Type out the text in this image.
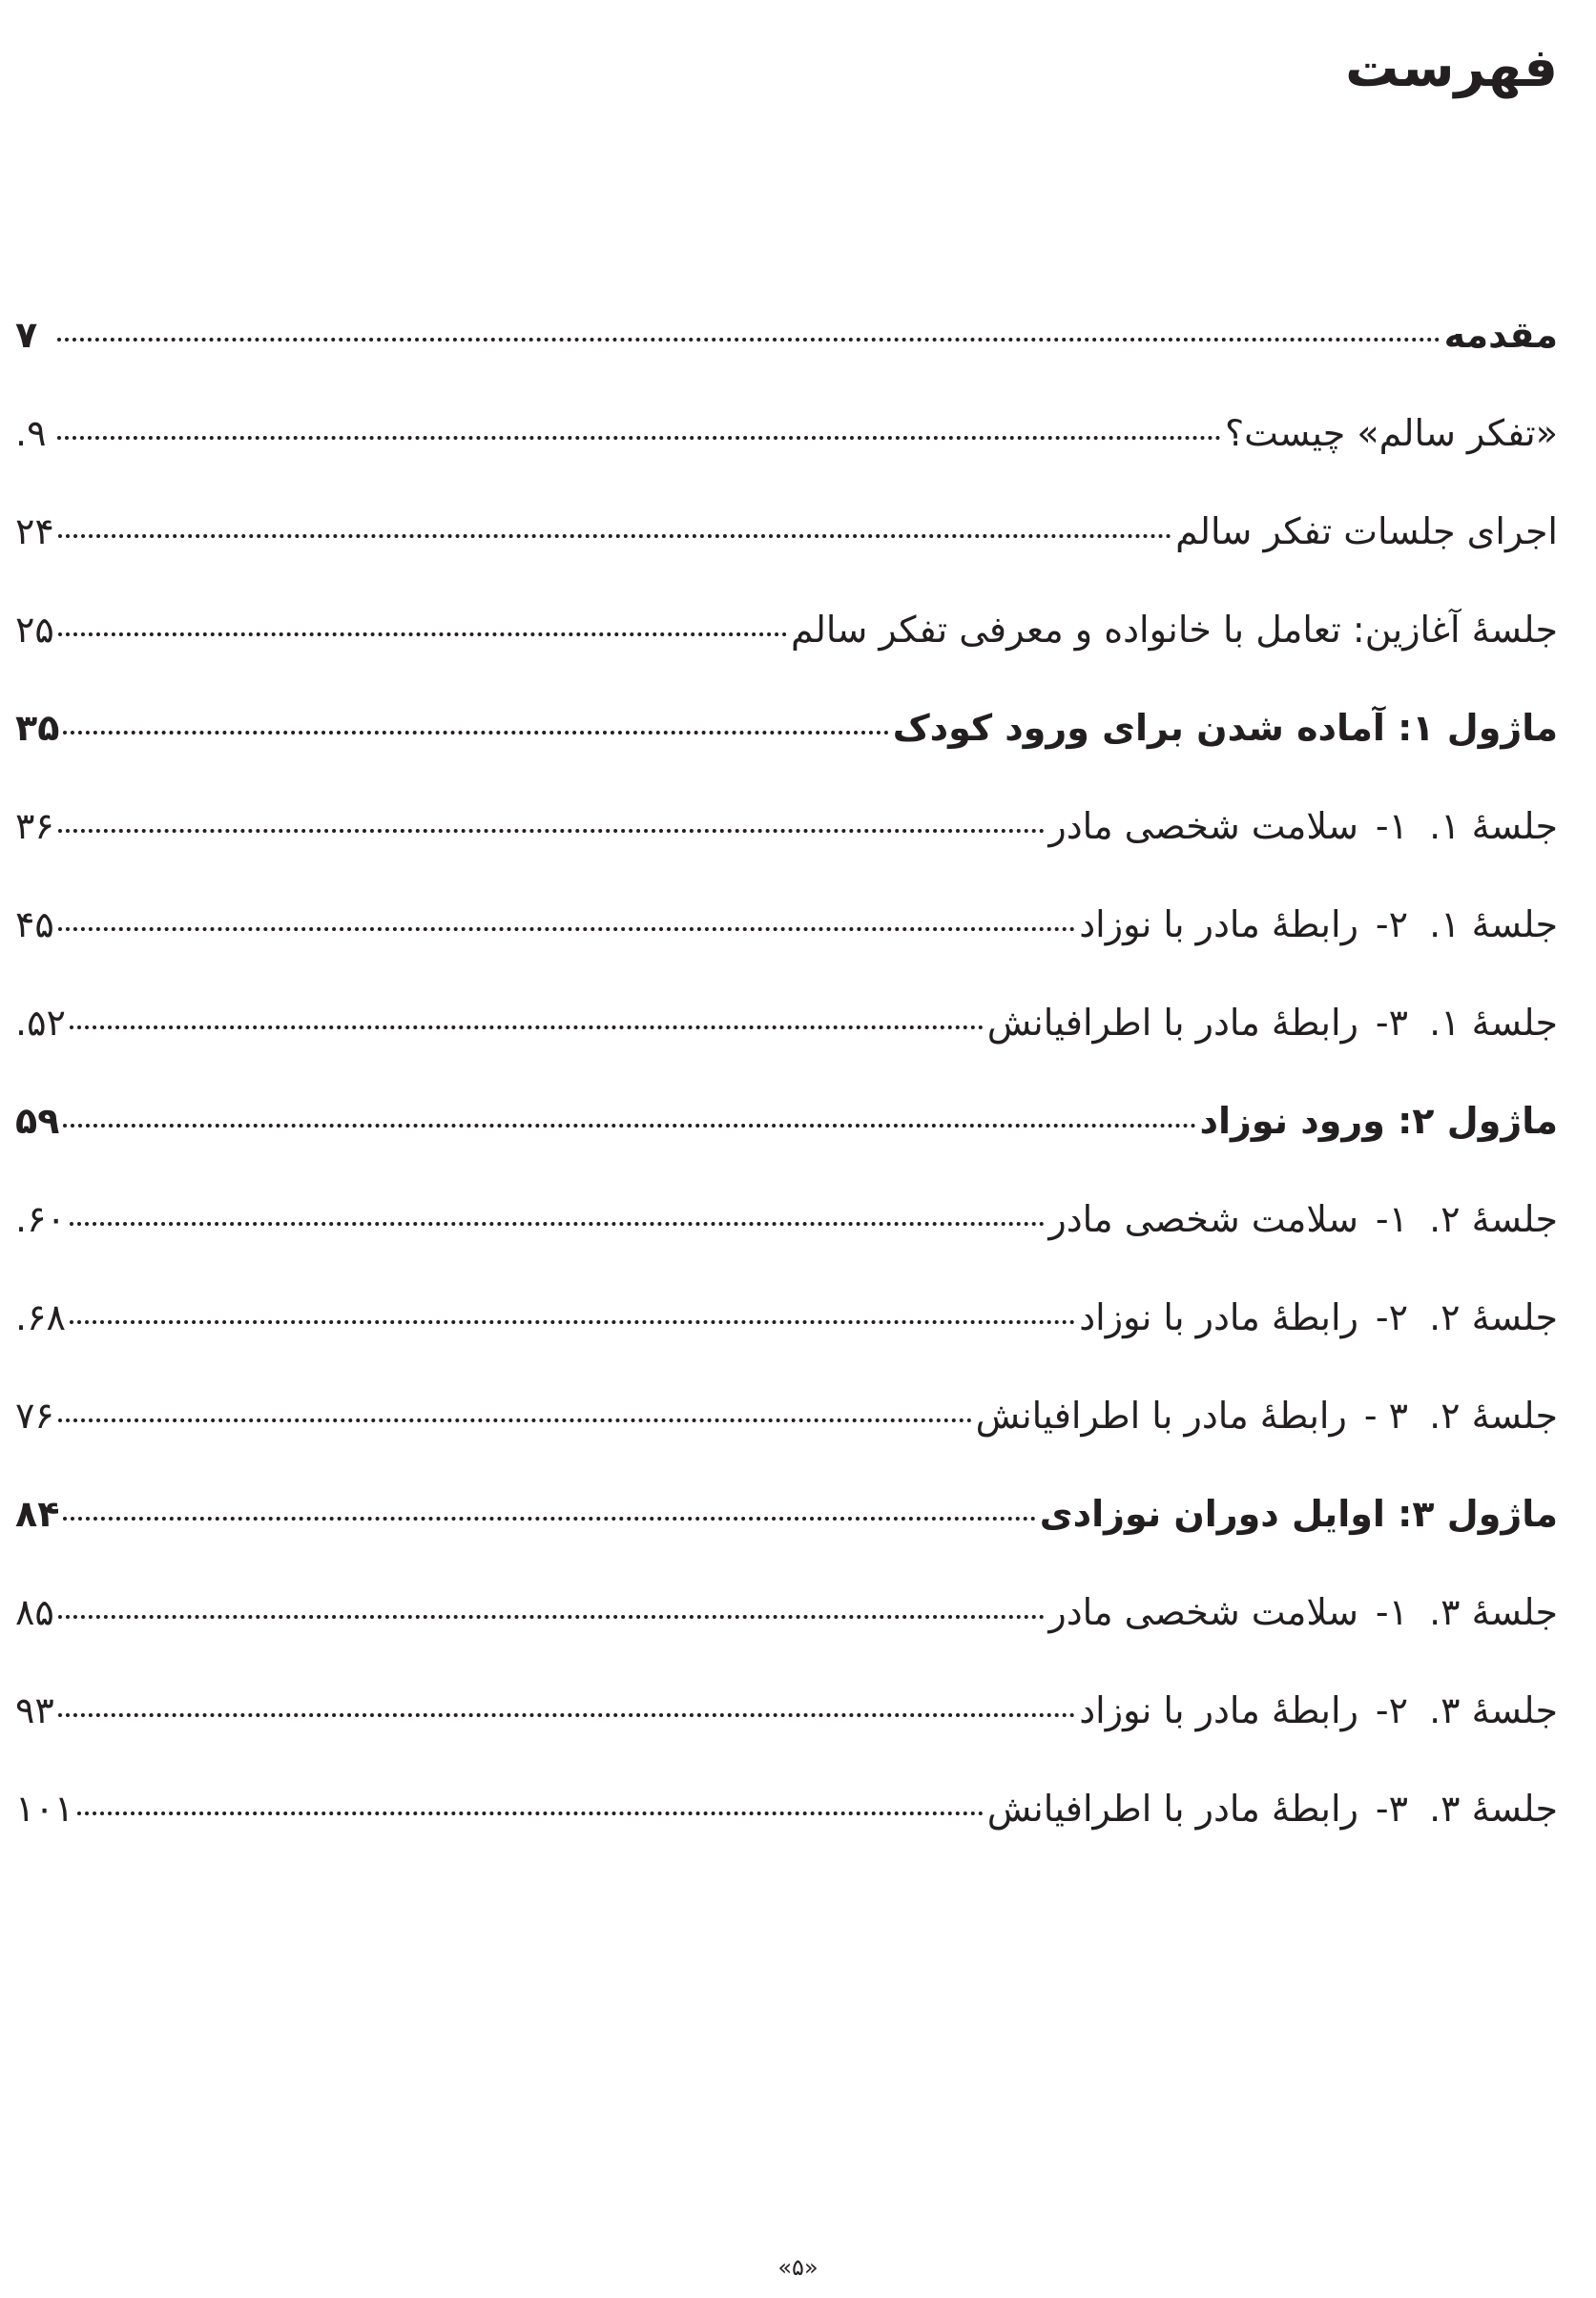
فهرست
مقدمه
۷
«تفکر سالم» چیست؟
۹.
اجرای جلسات تفکر سالم
۲۴
جلسۀ آغازین: تعامل با خانواده و معرفی تفکر سالم
۲۵
ماژول ۱: آماده شدن برای ورود کودک
۳۵
جلسۀ ۱.
۱-
سلامت شخصی مادر
۳۶
جلسۀ ۱.
۲-
رابطۀ مادر با نوزاد
۴۵
جلسۀ ۱.
۳-
رابطۀ مادر با اطرافیانش
۵۲.
ماژول ۲: ورود نوزاد
۵۹
جلسۀ ۲.
۱-
سلامت شخصی مادر
۶۰.
جلسۀ ۲.
۲-
رابطۀ مادر با نوزاد
۶۸.
جلسۀ ۲.
۳ -
رابطۀ مادر با اطرافیانش
۷۶
ماژول ۳: اوایل دوران نوزادی
۸۴
جلسۀ ۳.
۱-
سلامت شخصی مادر
۸۵
جلسۀ ۳.
۲-
رابطۀ مادر با نوزاد
۹۳
جلسۀ ۳.
۳-
رابطۀ مادر با اطرافیانش
۱۰۱
«۵»
